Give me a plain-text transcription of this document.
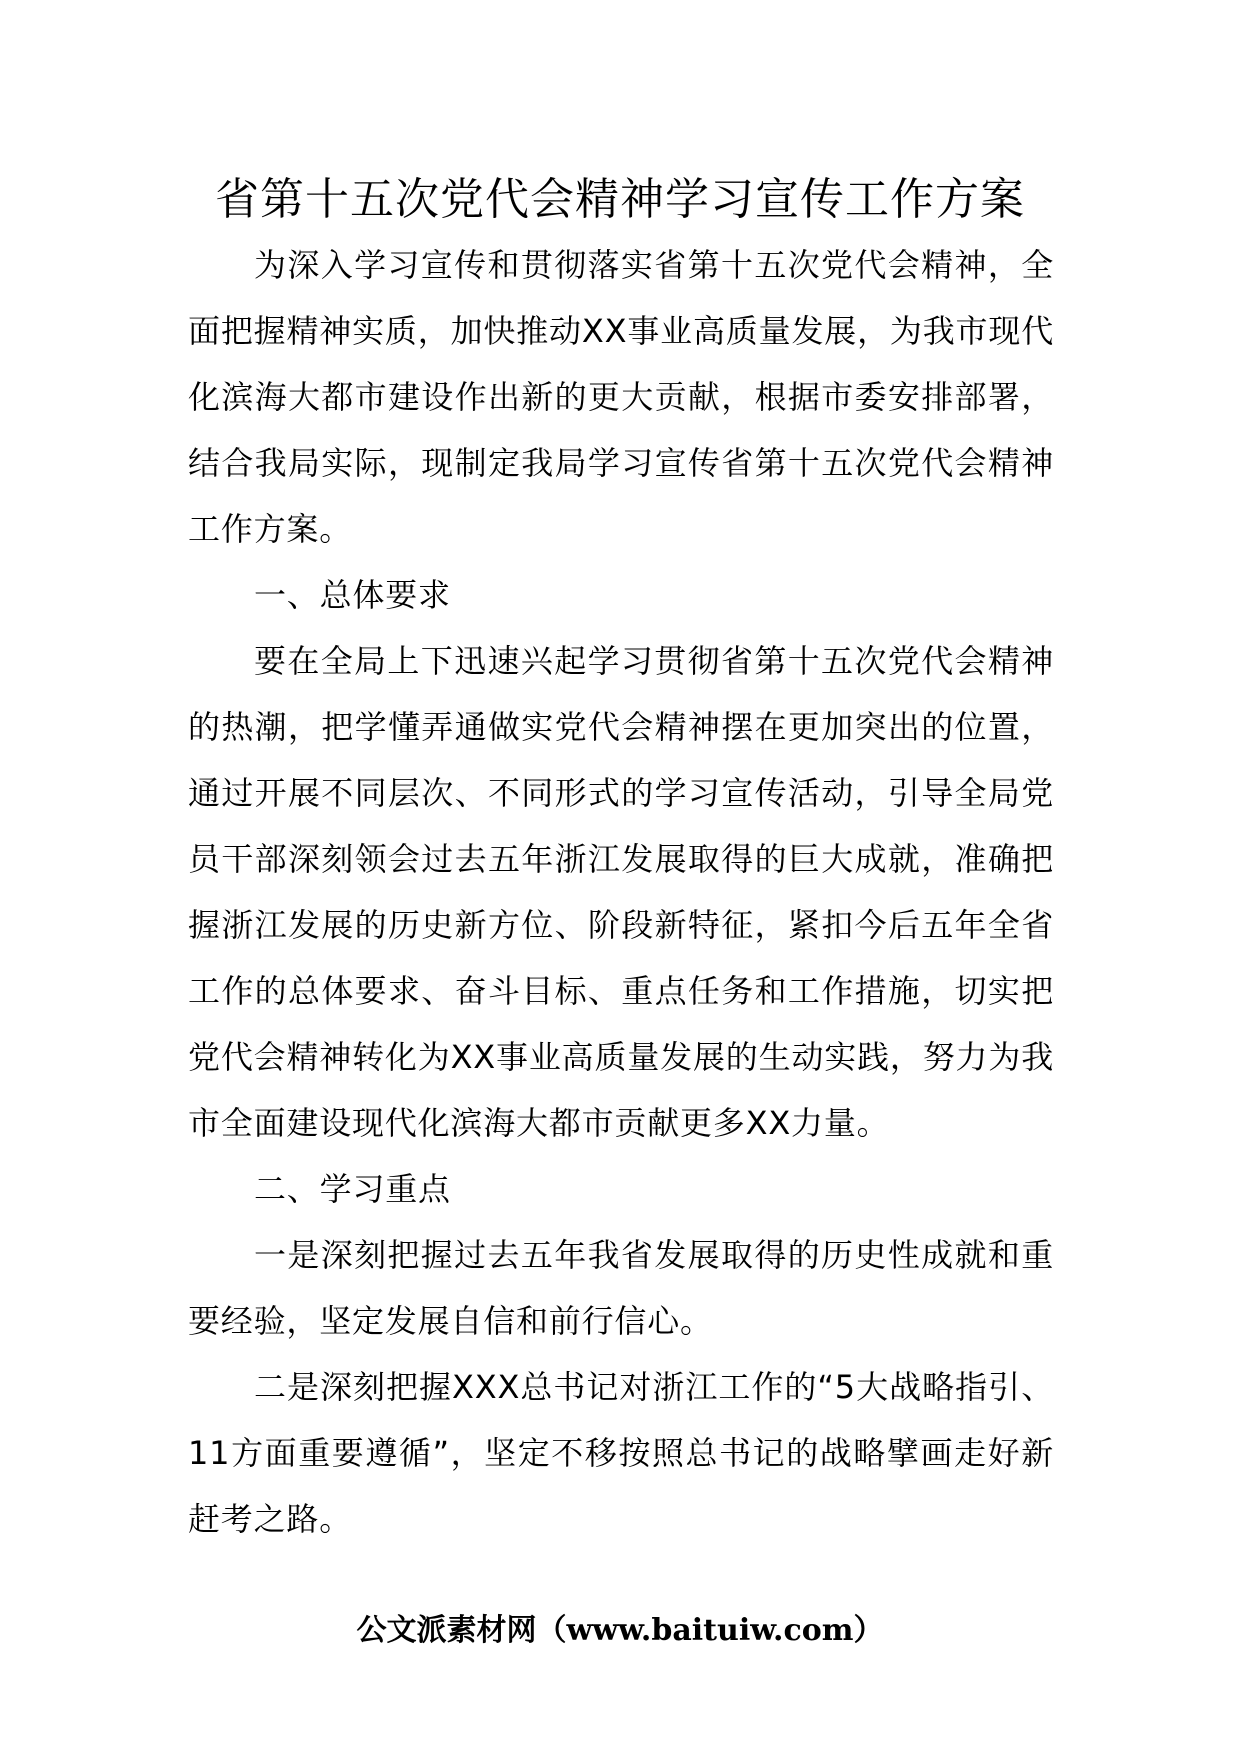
省第十五次党代会精神学习宣传工作方案

为深入学习宣传和贯彻落实省第十五次党代会精神，全面把握精神实质，加快推动XX事业高质量发展，为我市现代化滨海大都市建设作出新的更大贡献，根据市委安排部署，结合我局实际，现制定我局学习宣传省第十五次党代会精神工作方案。

一、总体要求

要在全局上下迅速兴起学习贯彻省第十五次党代会精神的热潮，把学懂弄通做实党代会精神摆在更加突出的位置，通过开展不同层次、不同形式的学习宣传活动，引导全局党员干部深刻领会过去五年浙江发展取得的巨大成就，准确把握浙江发展的历史新方位、阶段新特征，紧扣今后五年全省工作的总体要求、奋斗目标、重点任务和工作措施，切实把党代会精神转化为XX事业高质量发展的生动实践，努力为我市全面建设现代化滨海大都市贡献更多XX力量。

二、学习重点

一是深刻把握过去五年我省发展取得的历史性成就和重要经验，坚定发展自信和前行信心。

二是深刻把握XXX总书记对浙江工作的“5大战略指引、11方面重要遵循”，坚定不移按照总书记的战略擘画走好新赶考之路。

公文派素材网（www.baituiw.com）
